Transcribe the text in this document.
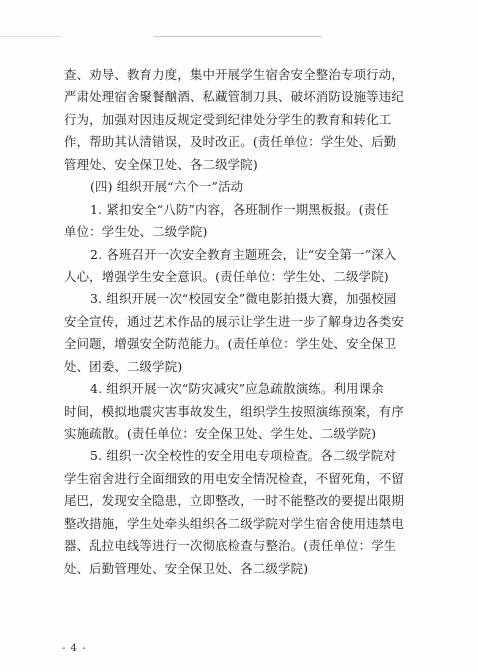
查、劝导、教育力度，集中开展学生宿舍安全整治专项行动，
严肃处理宿舍聚餐酗酒、私藏管制刀具、破坏消防设施等违纪
行为，加强对因违反规定受到纪律处分学生的教育和转化工
作，帮助其认清错误，及时改正。(责任单位：学生处、后勤
管理处、安全保卫处、各二级学院)
(四) 组织开展“六个一”活动
1. 紧扣安全“八防”内容，各班制作一期黑板报。(责任
单位：学生处、二级学院)
2. 各班召开一次安全教育主题班会，让“安全第一”深入
人心，增强学生安全意识。(责任单位：学生处、二级学院)
3. 组织开展一次“校园安全”微电影拍摄大赛，加强校园
安全宣传，通过艺术作品的展示让学生进一步了解身边各类安
全问题，增强安全防范能力。(责任单位：学生处、安全保卫
处、团委、二级学院)
4. 组织开展一次“防灾减灾”应急疏散演练。利用课余
时间，模拟地震灾害事故发生，组织学生按照演练预案，有序
实施疏散。(责任单位：安全保卫处、学生处、二级学院)
5. 组织一次全校性的安全用电专项检查。各二级学院对
学生宿舍进行全面细致的用电安全情况检查，不留死角，不留
尾巴，发现安全隐患，立即整改，一时不能整改的要提出限期
整改措施，学生处牵头组织各二级学院对学生宿舍使用违禁电
器、乱拉电线等进行一次彻底检查与整治。(责任单位：学生
处、后勤管理处、安全保卫处、各二级学院)
- 4 -
